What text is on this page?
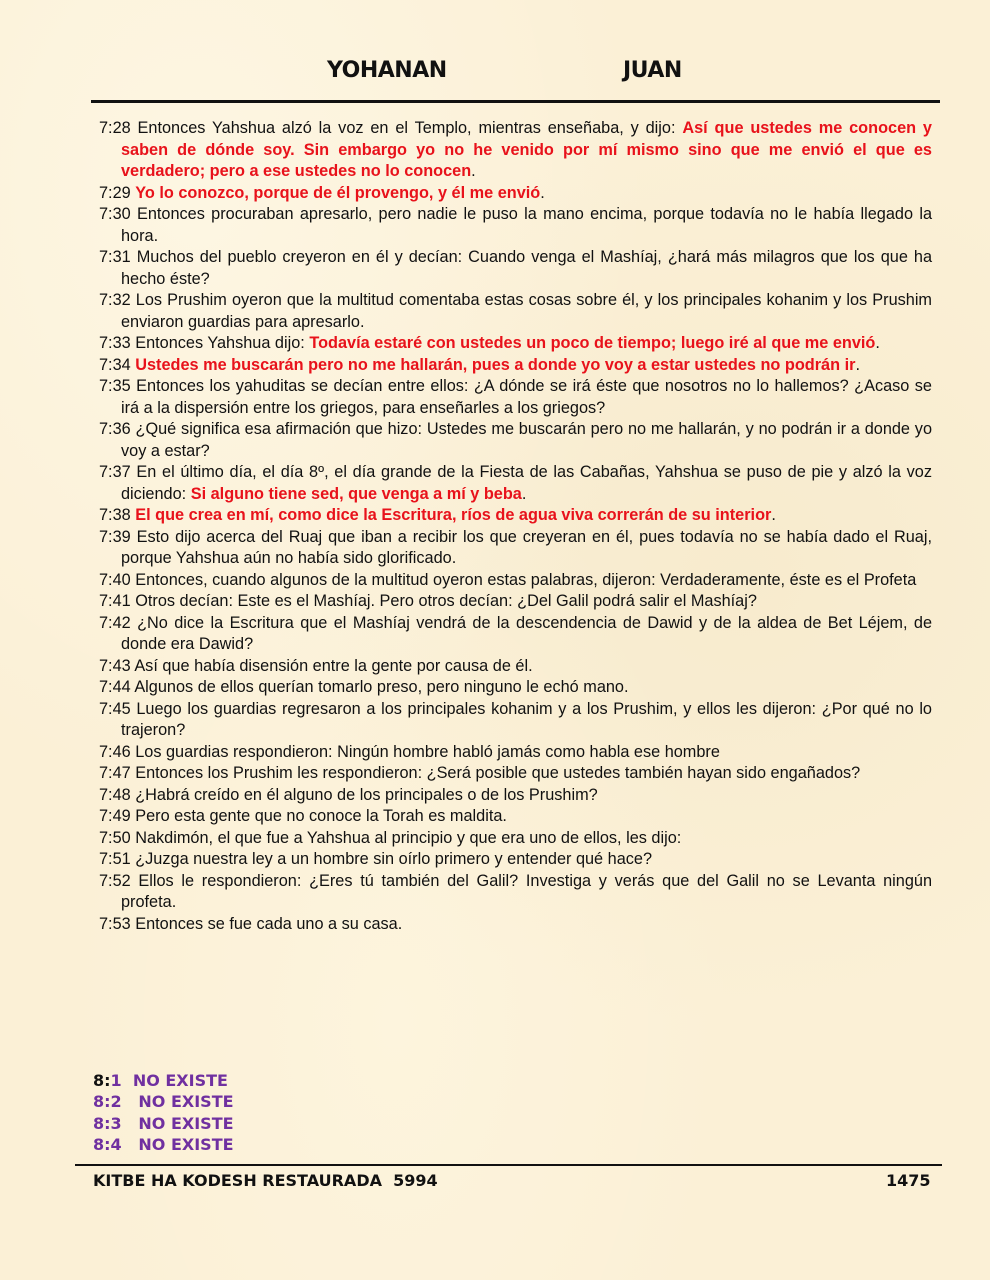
YOHANAN	JUAN

7:28 Entonces Yahshua alzó la voz en el Templo, mientras enseñaba, y dijo: Así que ustedes me conocen y saben de dónde soy. Sin embargo yo no he venido por mí mismo sino que me envió el que es verdadero; pero a ese ustedes no lo conocen.

7:29 Yo lo conozco, porque de él provengo, y él me envió.

7:30 Entonces procuraban apresarlo, pero nadie le puso la mano encima, porque todavía no le había llegado la hora.

7:31 Muchos del pueblo creyeron en él y decían: Cuando venga el Mashíaj, ¿hará más milagros que los que ha hecho éste?

7:32 Los Prushim oyeron que la multitud comentaba estas cosas sobre él, y los principales kohanim y los Prushim enviaron guardias para apresarlo.

7:33 Entonces Yahshua dijo: Todavía estaré con ustedes un poco de tiempo; luego iré al que me envió.

7:34 Ustedes me buscarán pero no me hallarán, pues a donde yo voy a estar ustedes no podrán ir.

7:35 Entonces los yahuditas se decían entre ellos: ¿A dónde se irá éste que nosotros no lo hallemos? ¿Acaso se irá a la dispersión entre los griegos, para enseñarles a los griegos?

7:36 ¿Qué significa esa afirmación que hizo: Ustedes me buscarán pero no me hallarán, y no podrán ir a donde yo voy a estar?

7:37 En el último día, el día 8º, el día grande de la Fiesta de las Cabañas, Yahshua se puso de pie y alzó la voz diciendo: Si alguno tiene sed, que venga a mí y beba.

7:38 El que crea en mí, como dice la Escritura, ríos de agua viva correrán de su interior.

7:39 Esto dijo acerca del Ruaj que iban a recibir los que creyeran en él, pues todavía no se había dado el Ruaj, porque Yahshua aún no había sido glorificado.

7:40 Entonces, cuando algunos de la multitud oyeron estas palabras, dijeron: Verdaderamente, éste es el Profeta

7:41 Otros decían: Este es el Mashíaj. Pero otros decían: ¿Del Galil podrá salir el Mashíaj?

7:42 ¿No dice la Escritura que el Mashíaj vendrá de la descendencia de Dawid y de la aldea de Bet Léjem, de donde era Dawid?

7:43 Así que había disensión entre la gente por causa de él.

7:44 Algunos de ellos querían tomarlo preso, pero ninguno le echó mano.

7:45 Luego los guardias regresaron a los principales kohanim y a los Prushim, y ellos les dijeron: ¿Por qué no lo trajeron?

7:46 Los guardias respondieron: Ningún hombre habló jamás como habla ese hombre

7:47 Entonces los Prushim les respondieron: ¿Será posible que ustedes también hayan sido engañados?

7:48 ¿Habrá creído en él alguno de los principales o de los Prushim?

7:49 Pero esta gente que no conoce la Torah es maldita.

7:50 Nakdimón, el que fue a Yahshua al principio y que era uno de ellos, les dijo:

7:51 ¿Juzga nuestra ley a un hombre sin oírlo primero y entender qué hace?

7:52 Ellos le respondieron: ¿Eres tú también del Galil? Investiga y verás que del Galil no se Levanta ningún profeta.

7:53 Entonces se fue cada uno a su casa.

8:1  NO EXISTE
8:2   NO EXISTE
8:3   NO EXISTE
8:4   NO EXISTE
KITBE HA KODESH RESTAURADA  5994	1475
